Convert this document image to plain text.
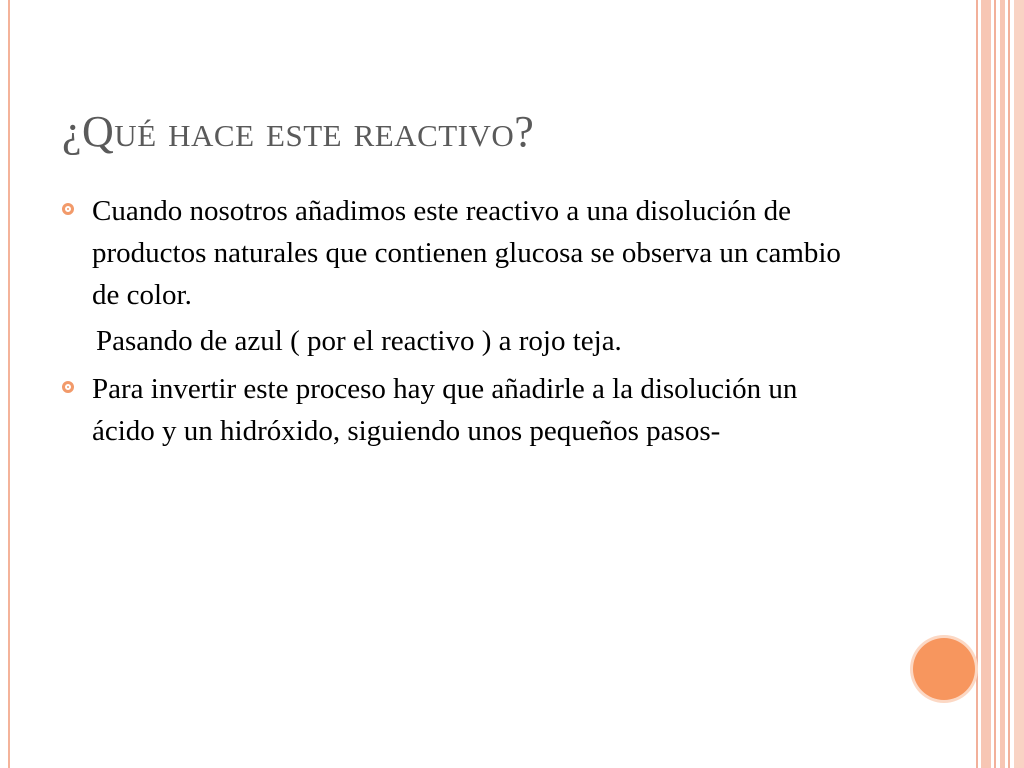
¿Qué hace este reactivo?
Cuando nosotros añadimos este reactivo a una disolución de productos naturales que contienen glucosa se observa un cambio de color.
Pasando de azul ( por el reactivo ) a rojo teja.
Para invertir este proceso hay que añadirle a la disolución un ácido y un hidróxido, siguiendo unos pequeños pasos-
